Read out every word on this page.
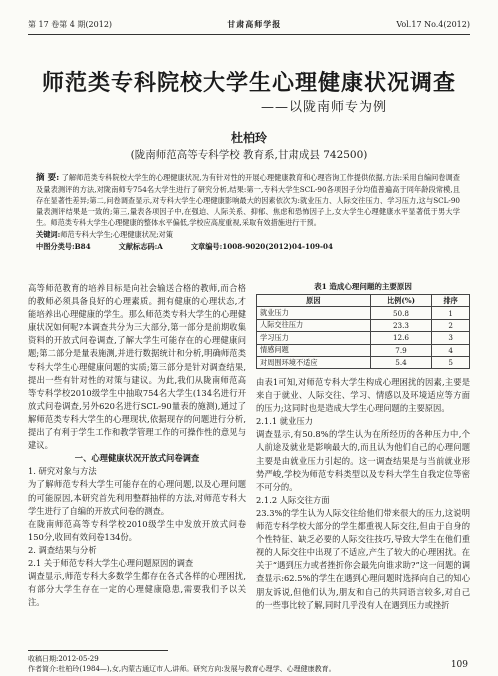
第 17 卷第 4 期(2012)	甘肃高师学报	Vol.17 No.4(2012)
师范类专科院校大学生心理健康状况调查
——以陇南师专为例
杜柏玲
(陇南师范高等专科学校 教育系,甘肃成县 742500)
摘 要: 了解师范类专科院校大学生的心理健康状况,为有针对性的开展心理健康教育和心理咨询工作提供依据,方法:采用自编问卷调查及量表测评的方法,对陇南师专754名大学生进行了研究分析,结果:第一,专科大学生SCL-90各项因子分均值普遍高于同年龄段常模,且存在显著性差异;第二,问卷调查显示,对专科大学生心理健康影响最大的因素依次为:就业压力、人际交往压力、学习压力,这与SCL-90量表测评结果是一致的;第三,量表各项因子中,在强迫、人际关系、抑郁、焦虑和恐怖因子上,女大学生心理健康水平显著低于男大学生。师范类专科大学生心理健康的整体水平偏低,学校应高度重视,采取有效措施进行干预。
关键词:师范专科大学生;心理健康状况;对策
中图分类号:B84	文献标志码:A	文章编号:1008-9020(2012)04-109-04

高等师范教育的培养目标是向社会输送合格的教师,而合格的教师必须具备良好的心理素质。拥有健康的心理状态,才能培养出心理健康的学生。那么师范类专科大学生的心理健康状况如何呢?本调查共分为三大部分,第一部分是前期收集资料的开放式问卷调查,了解大学生可能存在的心理健康问题;第二部分是量表施测,并进行数据统计和分析,明确师范类专科大学生心理健康问题的实质;第三部分是针对调查结果,提出一些有针对性的对策与建议。为此,我们从陇南师范高等专科学校2010级学生中抽取754名大学生(134名进行开放式问卷调查,另外620名进行SCL-90量表的施测),通过了解师范类专科大学生的心理现状,依据现存的问题进行分析,提出了有利于学生工作和教学管理工作的可操作性的意见与建议。

一、心理健康状况开放式问卷调查

1. 研究对象与方法

为了解师范专科大学生可能存在的心理问题,以及心理问题的可能原因,本研究首先利用整群抽样的方法,对师范专科大学生进行了自编的开放式问卷的测查。

在陇南师范高等专科学校2010级学生中发放开放式问卷150分,收回有效问卷134份。

2. 调查结果与分析

2.1 关于师范专科大学生心理问题原因的调查

调查显示,师范专科大多数学生都存在各式各样的心理困扰,有部分大学生存在一定的心理健康隐患,需要我们予以关注。

表1 造成心理问题的主要原因
原因	比例(%)	排序
就业压力	50.8	1
人际交往压力	23.3	2
学习压力	12.6	3
情感问题	7.9	4
对周围环境不适应	5.4	5

由表1可知,对师范专科大学生构成心理困扰的因素,主要是来自于就业、人际交往、学习、情感以及环境适应等方面的压力;这同时也是造成大学生心理问题的主要原因。

2.1.1 就业压力

调查显示,有50.8%的学生认为在所经历的各种压力中,个人前途及就业是影响最大的,而且认为他们自己的心理问题主要是由就业压力引起的。这一调查结果是与当前就业形势严峻,学校为师范专科类型以及专科大学生自我定位等密不可分的。

2.1.2 人际交往方面

23.3%的学生认为人际交往给他们带来很大的压力,这说明师范专科学校大部分的学生都重视人际交往,但由于自身的个性特征、缺乏必要的人际交往技巧,导致大学生在他们重视的人际交往中出现了不适应,产生了较大的心理困扰。在关于“遇到压力或者挫折你会最先向谁求助?”这一问题的调查显示:62.5%的学生在遇到心理问题时选择向自己的知心朋友诉说,但他们认为,朋友和自己的共同语言较多,对自己的一些事比较了解,同时几乎没有人在遇到压力或挫折

收稿日期:2012-05-29
作者简介:杜柏玲(1984—),女,内蒙古通辽市人,讲师。研究方向:发展与教育心理学、心理健康教育。	109
